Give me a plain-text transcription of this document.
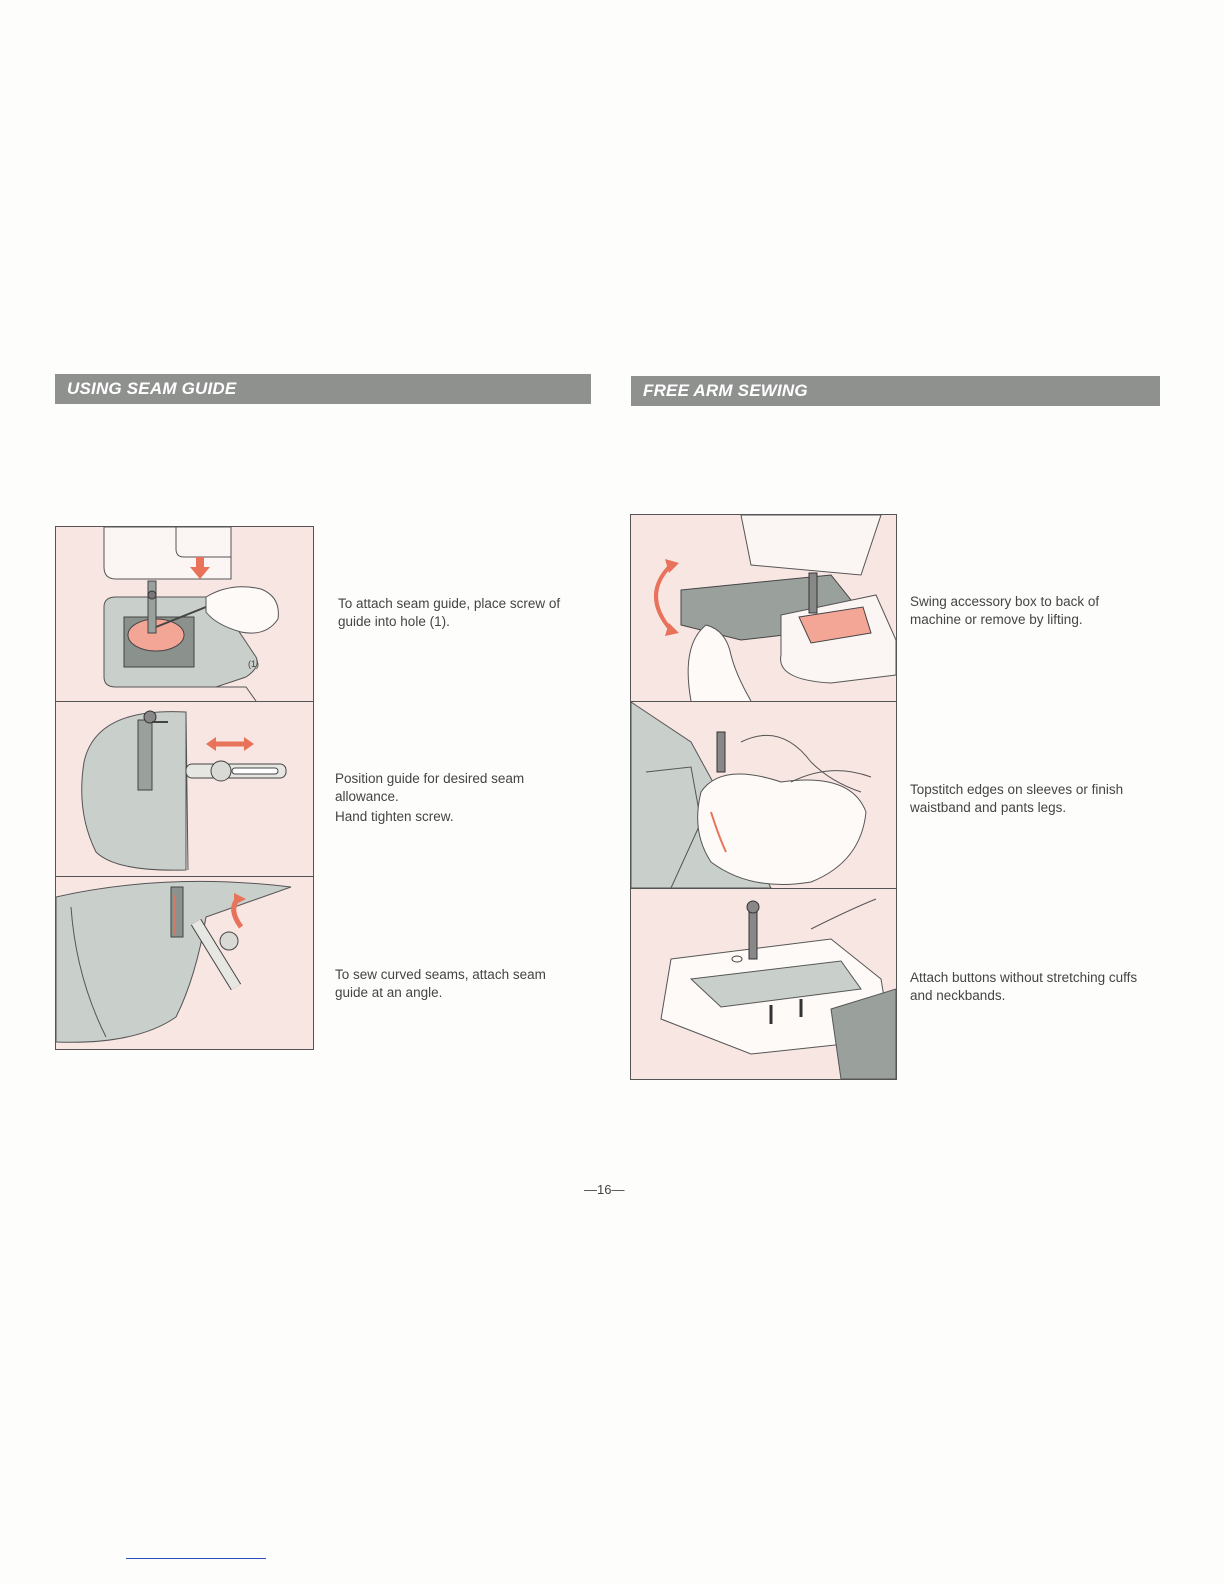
USING SEAM GUIDE	FREE ARM SEWING
(1)

To attach seam guide, place screw of guide into hole (1).

Position guide for desired seam allowance.

Hand tighten screw.

To sew curved seams, attach seam guide at an angle.

Swing accessory box to back of machine or remove by lifting.

Topstitch edges on sleeves or finish waistband and pants legs.

Attach buttons without stretching cuffs and neckbands.

—16—
